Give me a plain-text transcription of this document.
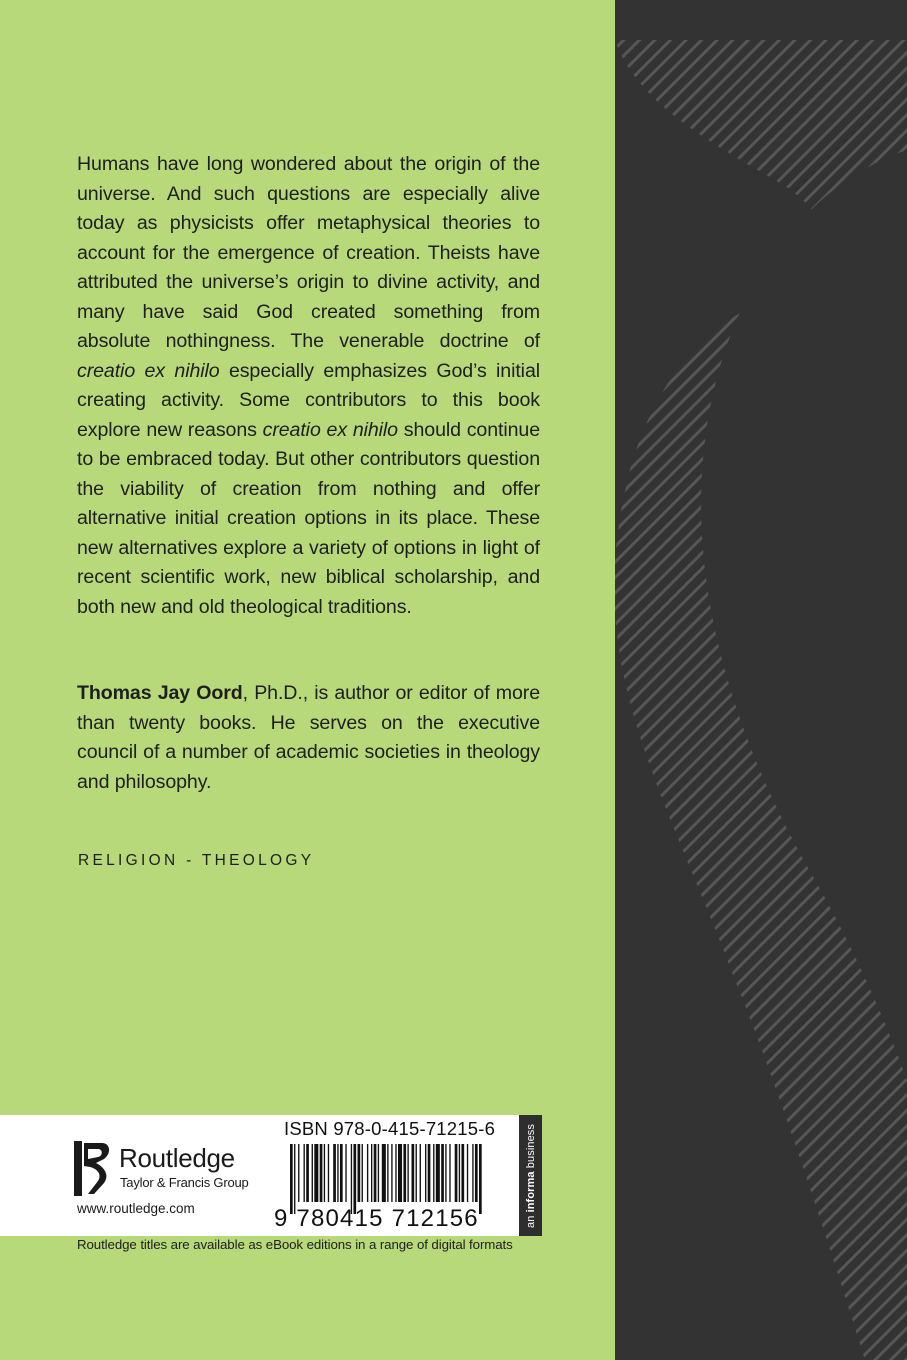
Humans have long wondered about the origin of the universe. And such questions are especially alive today as physicists offer metaphysical theories to account for the emergence of creation. Theists have attributed the universe’s origin to divine activity, and many have said God created something from absolute nothingness. The venerable doctrine of creatio ex nihilo especially emphasizes God’s initial creating activity. Some contributors to this book explore new reasons creatio ex nihilo should continue to be embraced today. But other contributors question the viability of creation from nothing and offer alternative initial creation options in its place. These new alternatives explore a variety of options in light of recent scientific work, new biblical scholarship, and both new and old theological traditions.

Thomas Jay Oord, Ph.D., is author or editor of more than twenty books. He serves on the executive council of a number of academic societies in theology and philosophy.

RELIGION - THEOLOGY

Routledge
Taylor & Francis Group
www.routledge.com
ISBN 978-0-415-71215-6
9 780415 712156	an informa business
Routledge titles are available as eBook editions in a range of digital formats
